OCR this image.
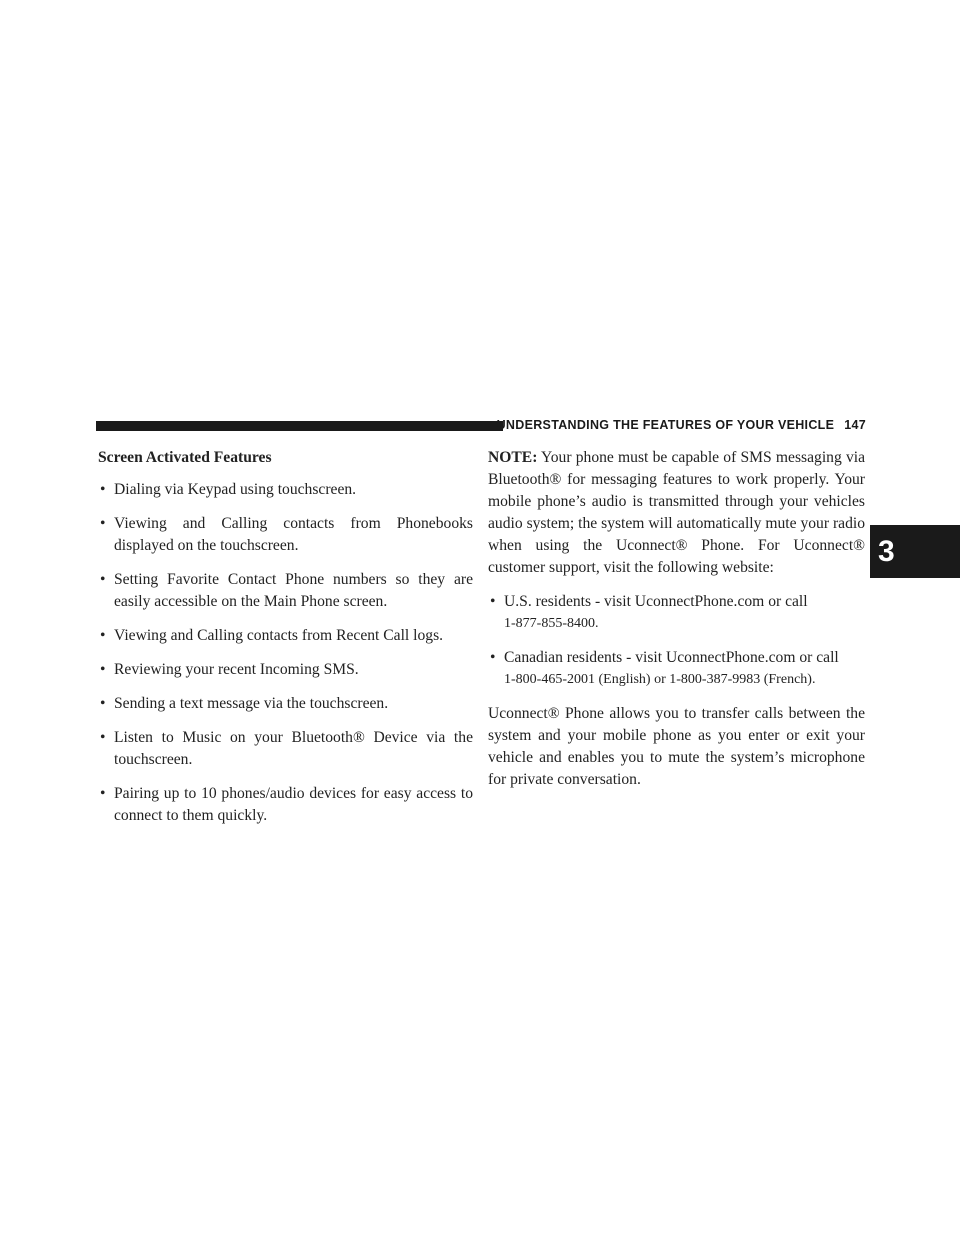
UNDERSTANDING THE FEATURES OF YOUR VEHICLE 147
3
Screen Activated Features
• Dialing via Keypad using touchscreen.
• Viewing and Calling contacts from Phonebooks displayed on the touchscreen.
• Setting Favorite Contact Phone numbers so they are easily accessible on the Main Phone screen.
• Viewing and Calling contacts from Recent Call logs.
• Reviewing your recent Incoming SMS.
• Sending a text message via the touchscreen.
• Listen to Music on your Bluetooth® Device via the touchscreen.
• Pairing up to 10 phones/audio devices for easy access to connect to them quickly.

NOTE: Your phone must be capable of SMS messaging via Bluetooth® for messaging features to work properly. Your mobile phone’s audio is transmitted through your vehicles audio system; the system will automatically mute your radio when using the Uconnect® Phone. For Uconnect® customer support, visit the following website:

• U.S. residents - visit UconnectPhone.com or call
1-877-855-8400.
• Canadian residents - visit UconnectPhone.com or call
1-800-465-2001 (English) or 1-800-387-9983 (French).

Uconnect® Phone allows you to transfer calls between the system and your mobile phone as you enter or exit your vehicle and enables you to mute the system’s microphone for private conversation.
